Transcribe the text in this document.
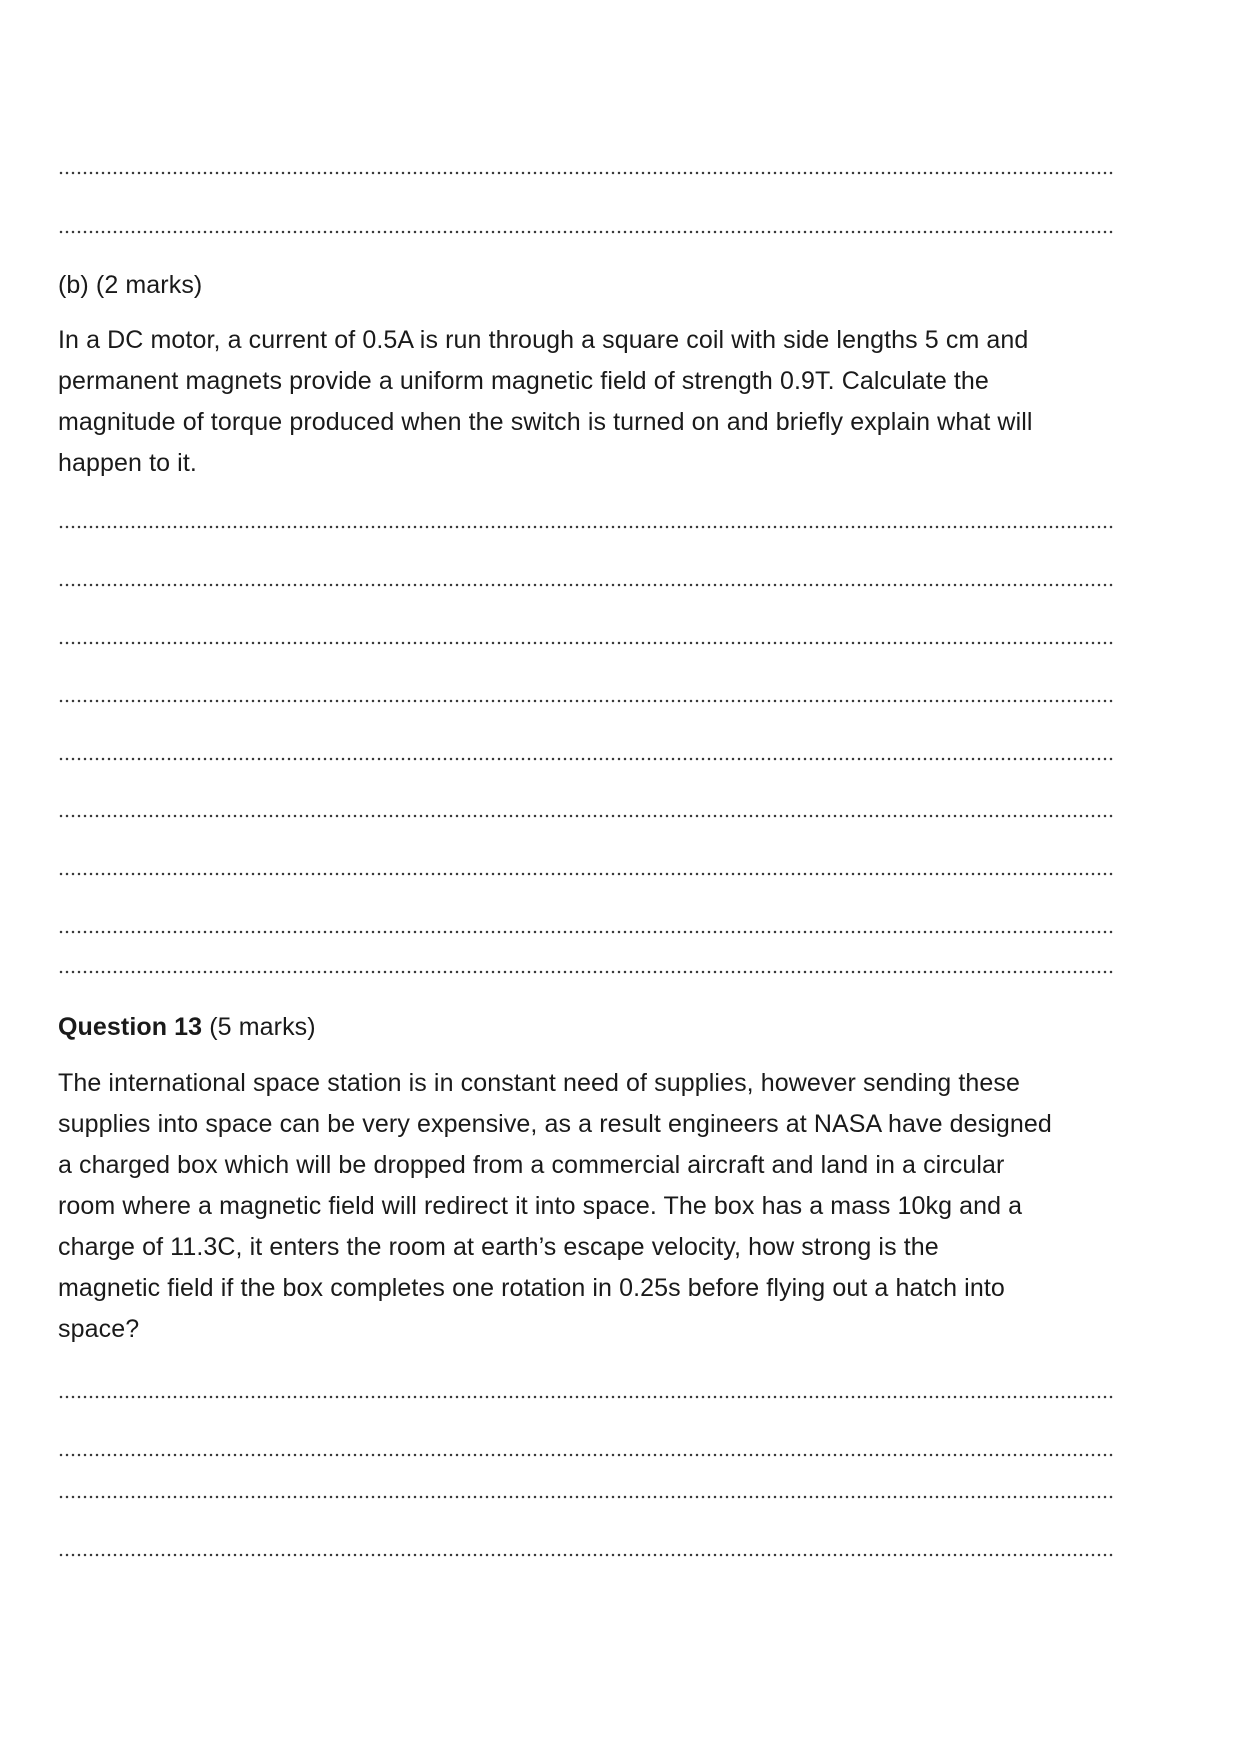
(b) (2 marks)
In a DC motor, a current of 0.5A is run through a square coil with side lengths 5 cm and
permanent magnets provide a uniform magnetic field of strength 0.9T. Calculate the
magnitude of torque produced when the switch is turned on and briefly explain what will
happen to it.
Question 13 (5 marks)
The international space station is in constant need of supplies, however sending these
supplies into space can be very expensive, as a result engineers at NASA have designed
a charged box which will be dropped from a commercial aircraft and land in a circular
room where a magnetic field will redirect it into space. The box has a mass 10kg and a
charge of 11.3C, it enters the room at earth’s escape velocity, how strong is the
magnetic field if the box completes one rotation in 0.25s before flying out a hatch into
space?
